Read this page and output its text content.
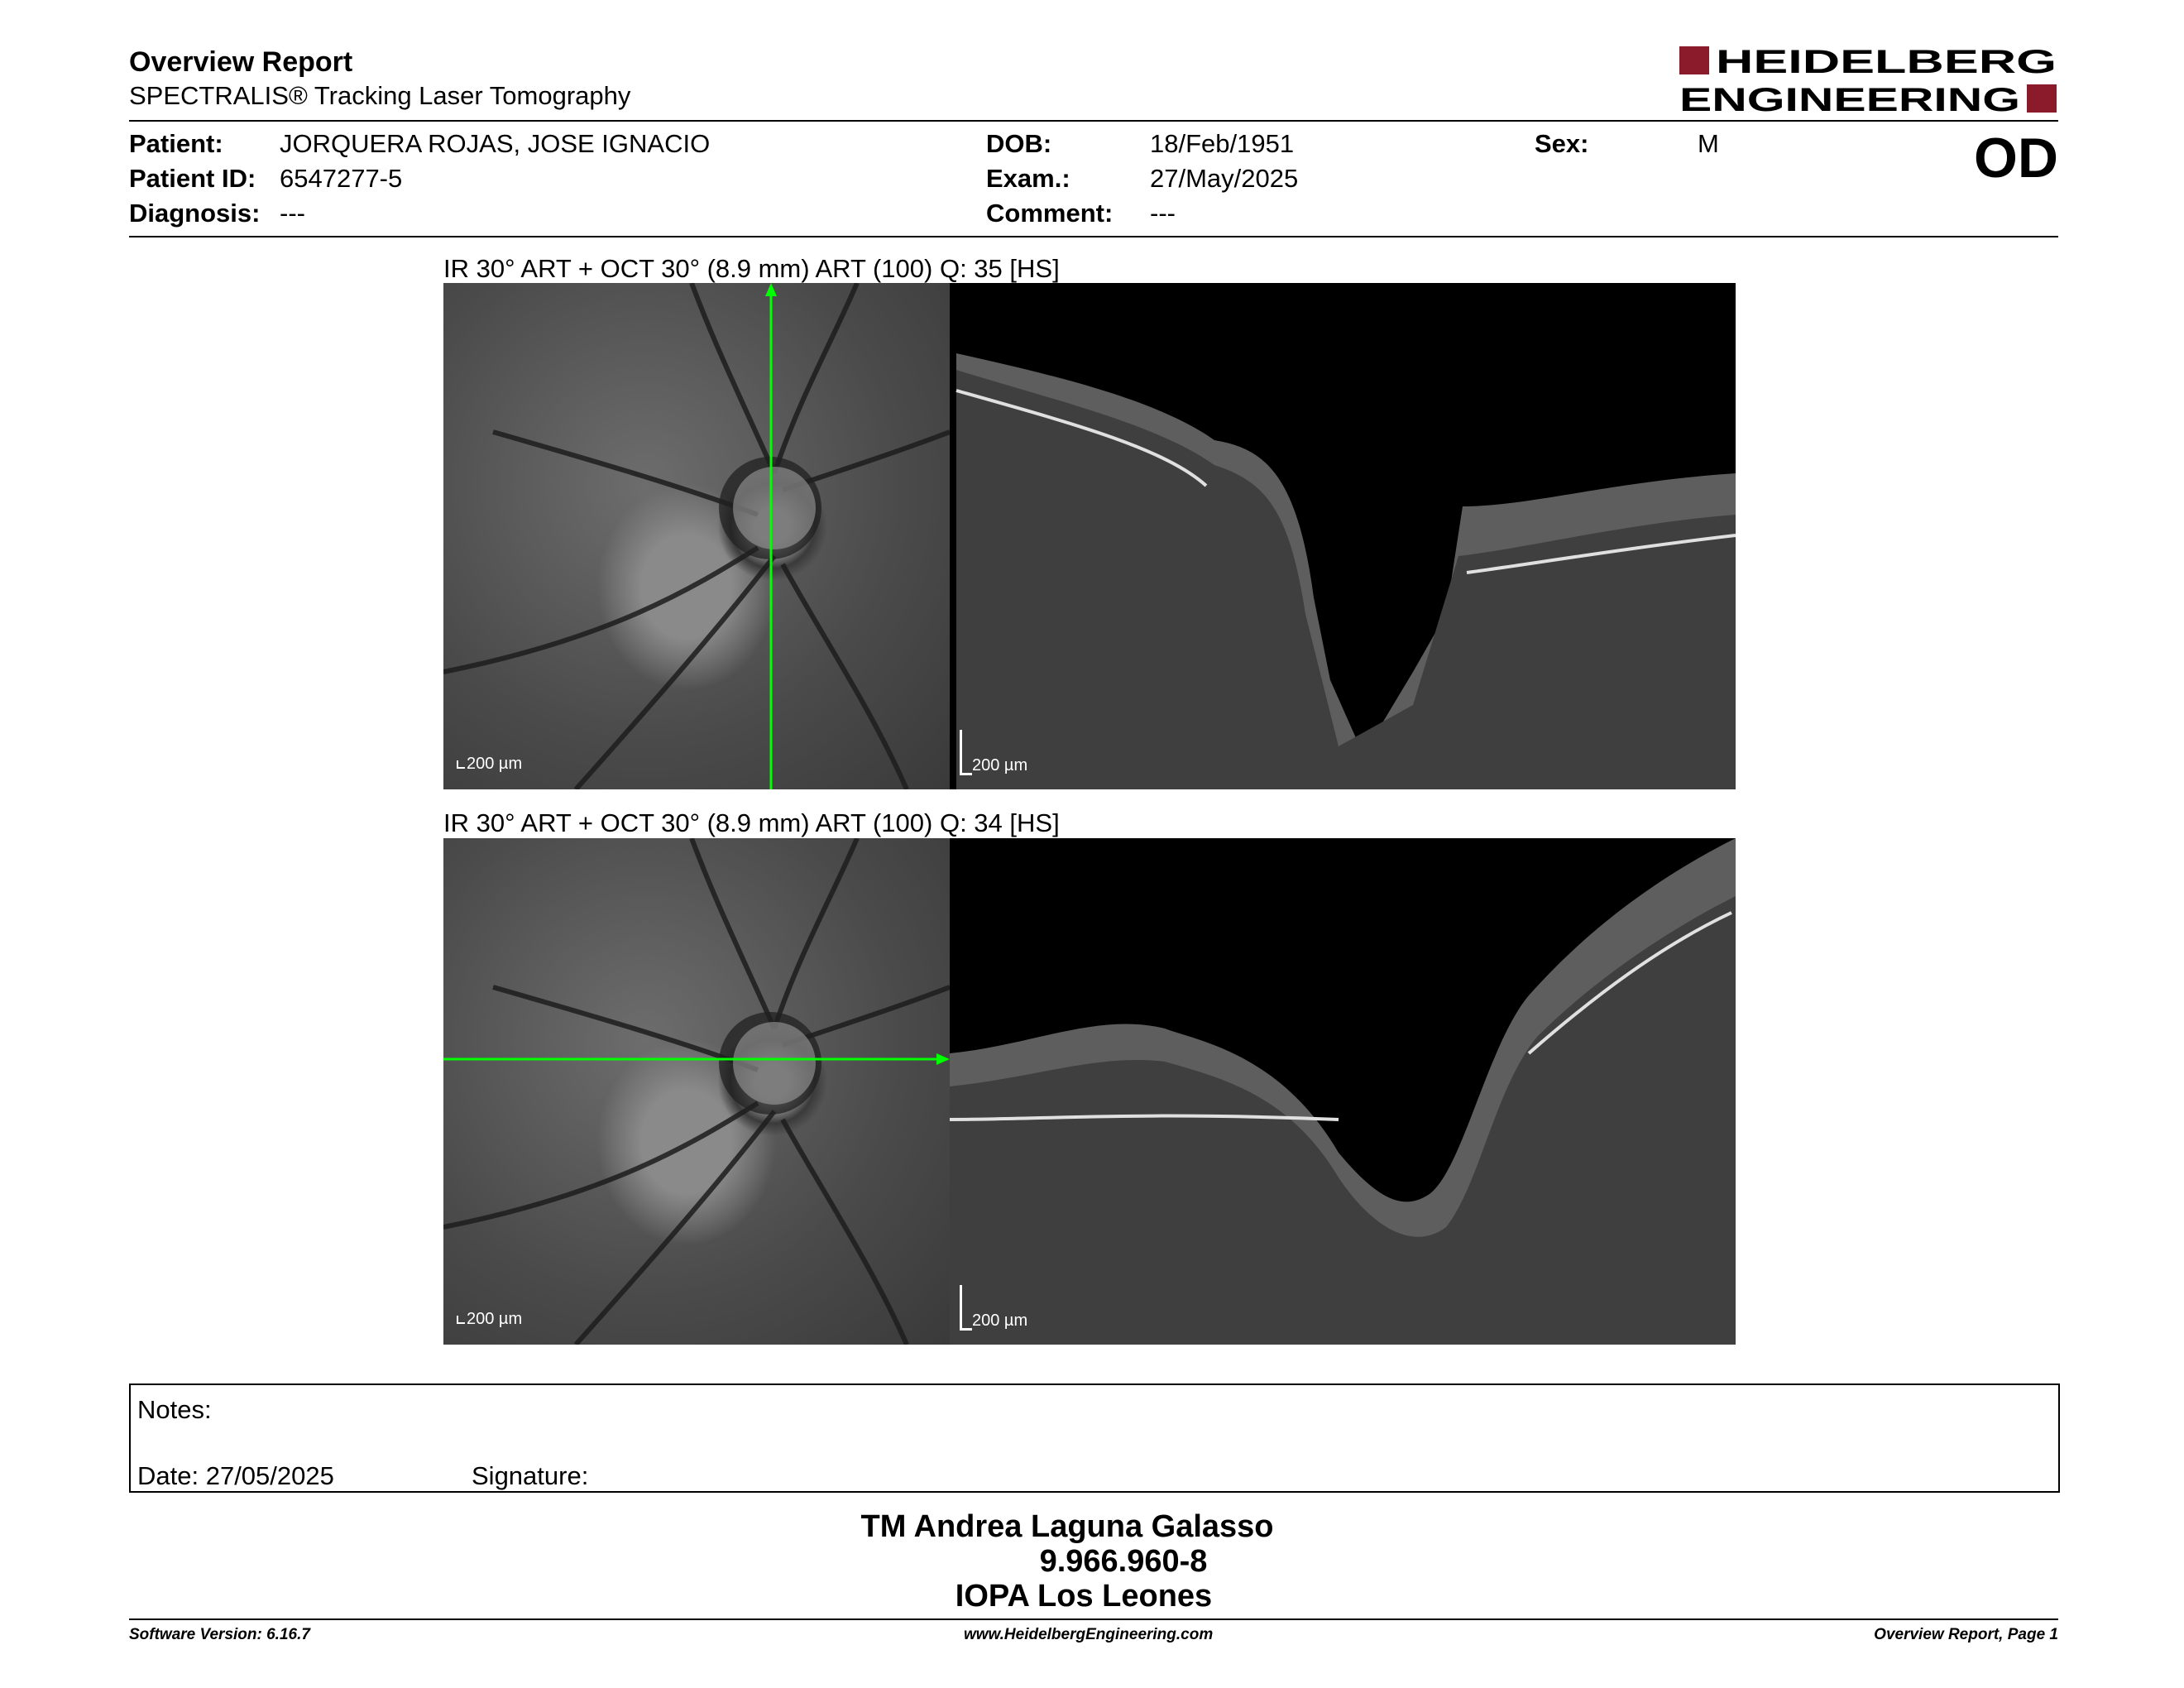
Overview Report
SPECTRALIS® Tracking Laser Tomography
HEIDELBERG
ENGINEERING
Patient: JORQUERA ROJAS, JOSE IGNACIO
Patient ID: 6547277-5
Diagnosis: ---
DOB:	18/Feb/1951
Exam.:	27/May/2025
Comment: ---
Sex:	M	OD
IR 30° ART + OCT 30° (8.9 mm) ART (100) Q: 35 [HS]
200 µm	200 µm
IR 30° ART + OCT 30° (8.9 mm) ART (100) Q: 34 [HS]
200 µm	200 µm
Notes:
Date: 27/05/2025	Signature:
TM Andrea Laguna Galasso
9.966.960-8
IOPA Los Leones
Software Version: 6.16.7	www.HeidelbergEngineering.com	Overview Report, Page 1
